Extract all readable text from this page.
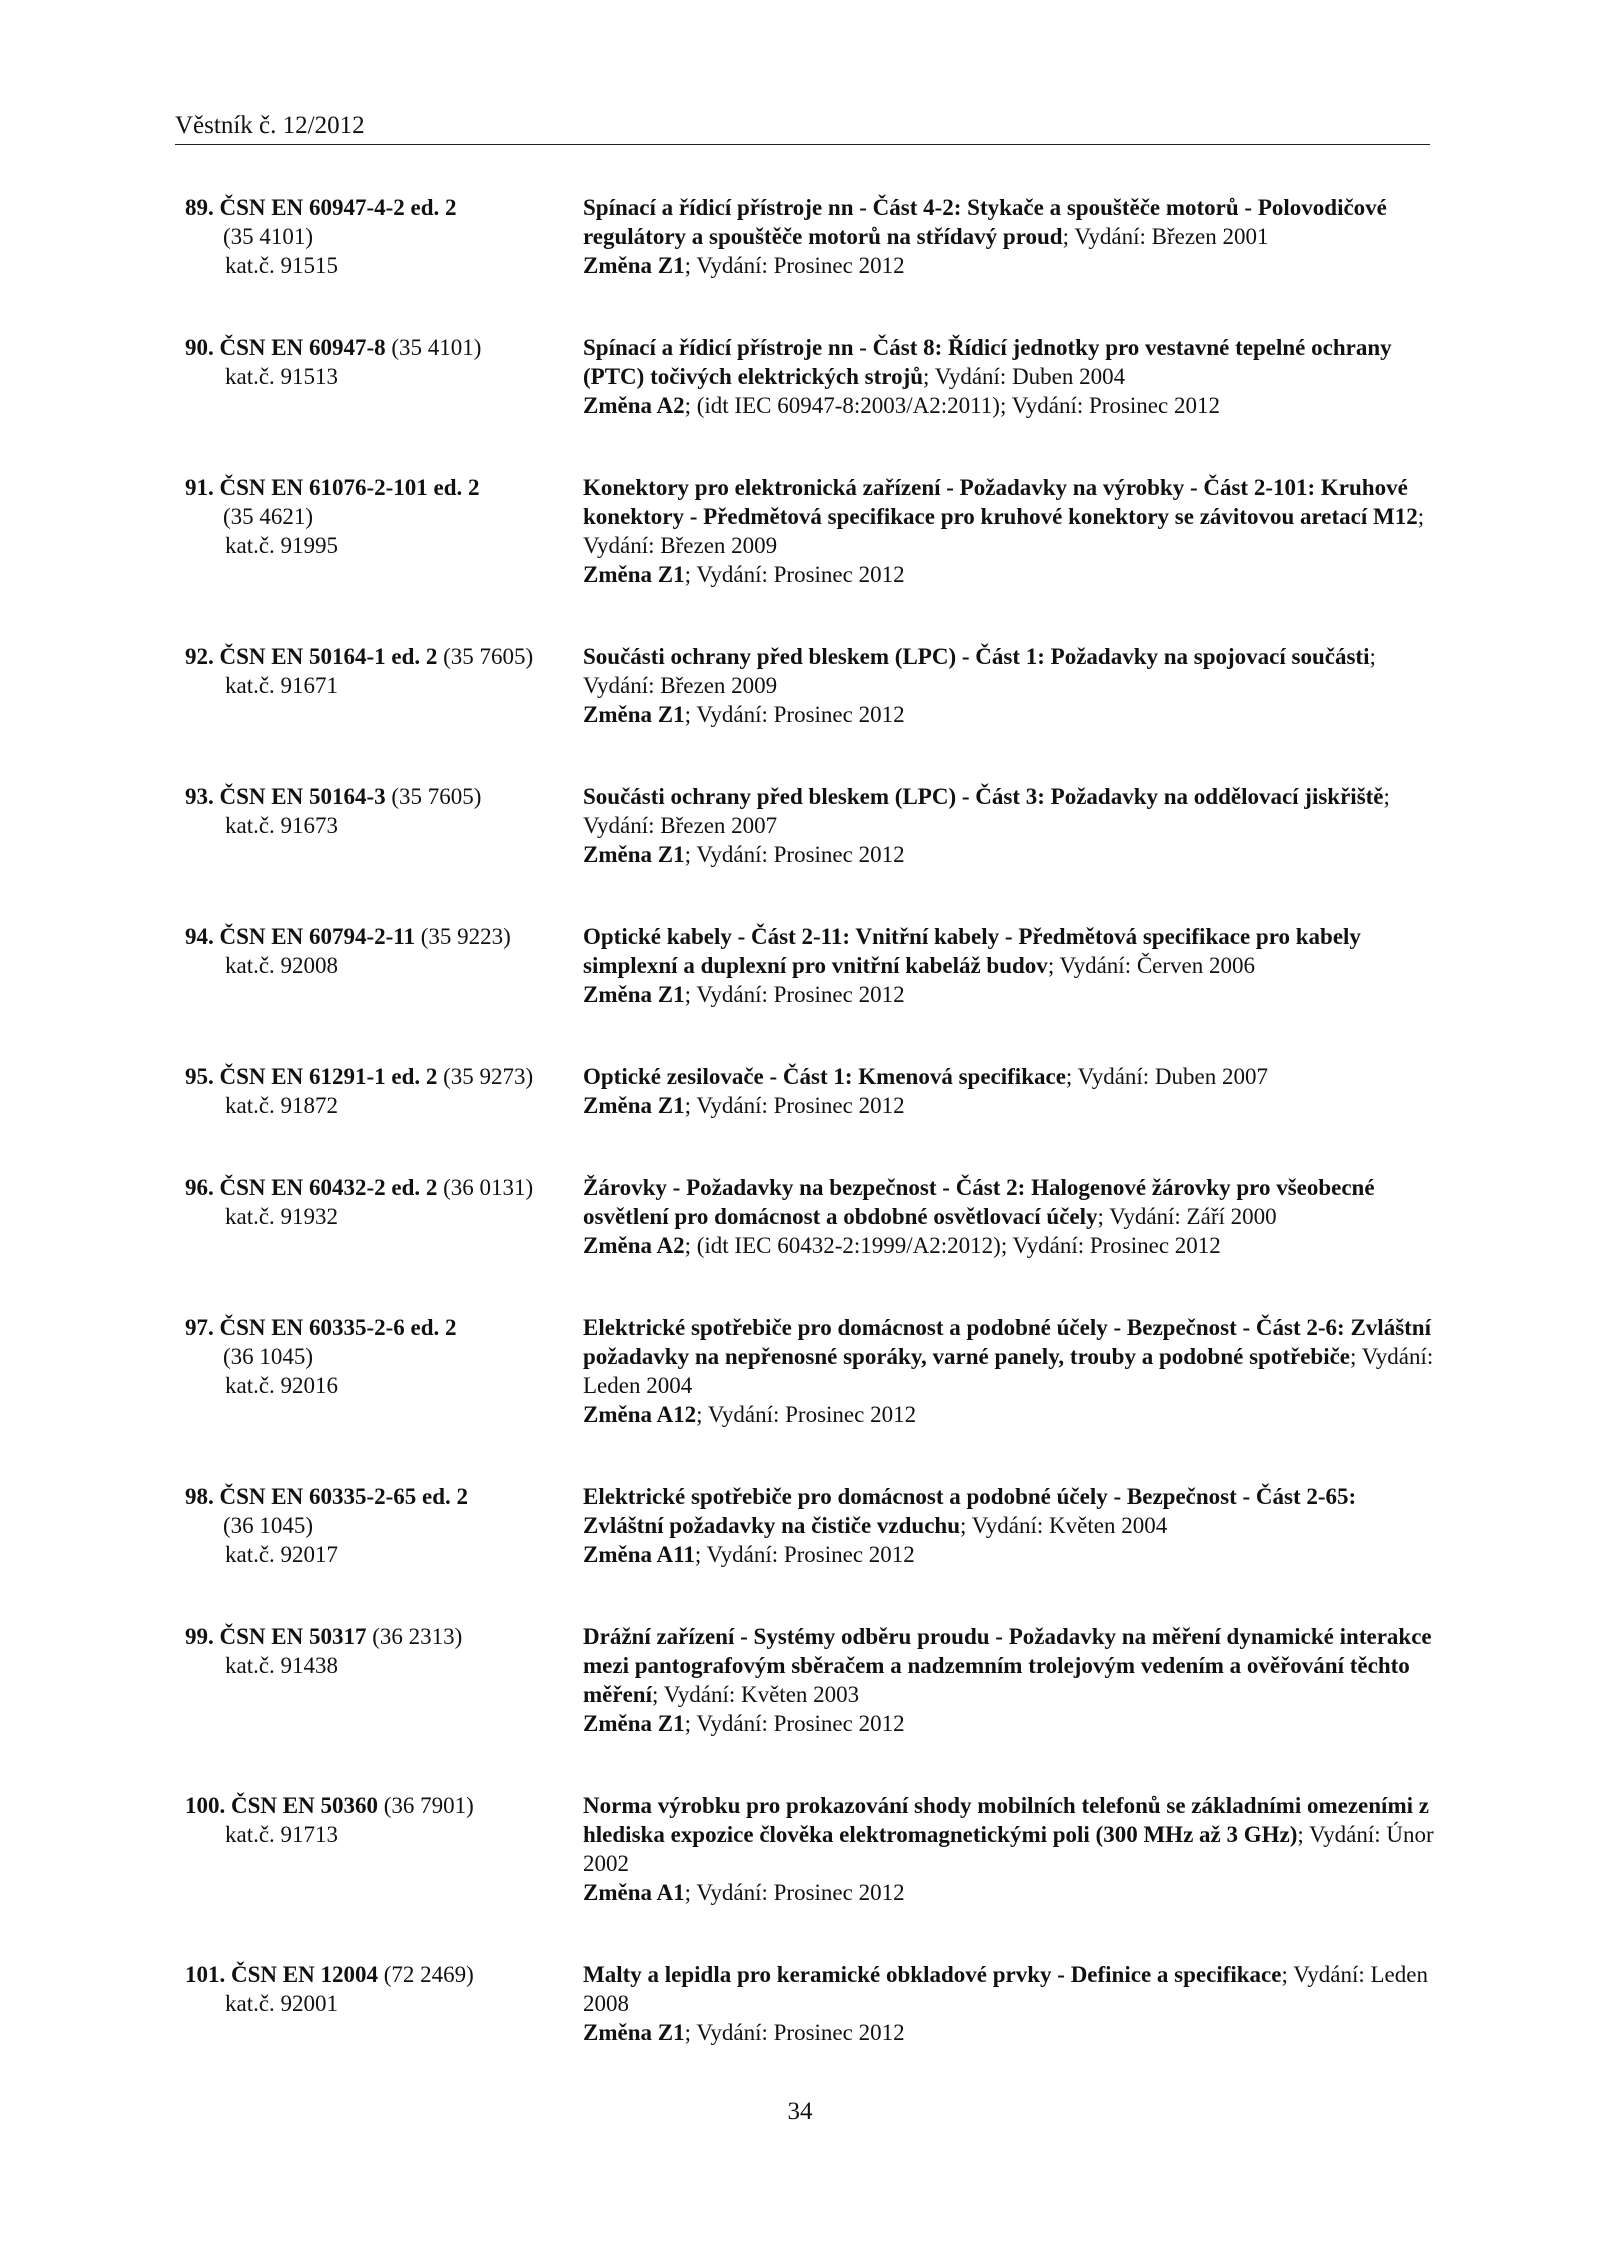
Věstník č. 12/2012
89. ČSN EN 60947-4-2 ed. 2
(35 4101)
kat.č. 91515
Spínací a řídicí přístroje nn - Část 4-2: Stykače a spouštěče motorů - Polovodičové regulátory a spouštěče motorů na střídavý proud; Vydání: Březen 2001
Změna Z1; Vydání: Prosinec 2012
90. ČSN EN 60947-8 (35 4101)
kat.č. 91513
Spínací a řídicí přístroje nn - Část 8: Řídicí jednotky pro vestavné tepelné ochrany (PTC) točivých elektrických strojů; Vydání: Duben 2004
Změna A2; (idt IEC 60947-8:2003/A2:2011); Vydání: Prosinec 2012
91. ČSN EN 61076-2-101 ed. 2
(35 4621)
kat.č. 91995
Konektory pro elektronická zařízení - Požadavky na výrobky - Část 2-101: Kruhové konektory - Předmětová specifikace pro kruhové konektory se závitovou aretací M12; Vydání: Březen 2009
Změna Z1; Vydání: Prosinec 2012
92. ČSN EN 50164-1 ed. 2 (35 7605)
kat.č. 91671
Součásti ochrany před bleskem (LPC) - Část 1: Požadavky na spojovací součásti; Vydání: Březen 2009
Změna Z1; Vydání: Prosinec 2012
93. ČSN EN 50164-3 (35 7605)
kat.č. 91673
Součásti ochrany před bleskem (LPC) - Část 3: Požadavky na oddělovací jiskřiště; Vydání: Březen 2007
Změna Z1; Vydání: Prosinec 2012
94. ČSN EN 60794-2-11 (35 9223)
kat.č. 92008
Optické kabely - Část 2-11: Vnitřní kabely - Předmětová specifikace pro kabely simplexní a duplexní pro vnitřní kabeláž budov; Vydání: Červen 2006
Změna Z1; Vydání: Prosinec 2012
95. ČSN EN 61291-1 ed. 2 (35 9273)
kat.č. 91872
Optické zesilovače - Část 1: Kmenová specifikace; Vydání: Duben 2007
Změna Z1; Vydání: Prosinec 2012
96. ČSN EN 60432-2 ed. 2 (36 0131)
kat.č. 91932
Žárovky - Požadavky na bezpečnost - Část 2: Halogenové žárovky pro všeobecné osvětlení pro domácnost a obdobné osvětlovací účely; Vydání: Září 2000
Změna A2; (idt IEC 60432-2:1999/A2:2012); Vydání: Prosinec 2012
97. ČSN EN 60335-2-6 ed. 2
(36 1045)
kat.č. 92016
Elektrické spotřebiče pro domácnost a podobné účely - Bezpečnost - Část 2-6: Zvláštní požadavky na nepřenosné sporáky, varné panely, trouby a podobné spotřebiče; Vydání: Leden 2004
Změna A12; Vydání: Prosinec 2012
98. ČSN EN 60335-2-65 ed. 2
(36 1045)
kat.č. 92017
Elektrické spotřebiče pro domácnost a podobné účely - Bezpečnost - Část 2-65: Zvláštní požadavky na čističe vzduchu; Vydání: Květen 2004
Změna A11; Vydání: Prosinec 2012
99. ČSN EN 50317 (36 2313)
kat.č. 91438
Drážní zařízení - Systémy odběru proudu - Požadavky na měření dynamické interakce mezi pantografovým sběračem a nadzemním trolejovým vedením a ověřování těchto měření; Vydání: Květen 2003
Změna Z1; Vydání: Prosinec 2012
100. ČSN EN 50360 (36 7901)
kat.č. 91713
Norma výrobku pro prokazování shody mobilních telefonů se základními omezeními z hlediska expozice člověka elektromagnetickými poli (300 MHz až 3 GHz); Vydání: Únor 2002
Změna A1; Vydání: Prosinec 2012
101. ČSN EN 12004 (72 2469)
kat.č. 92001
Malty a lepidla pro keramické obkladové prvky - Definice a specifikace; Vydání: Leden 2008
Změna Z1; Vydání: Prosinec 2012
34
